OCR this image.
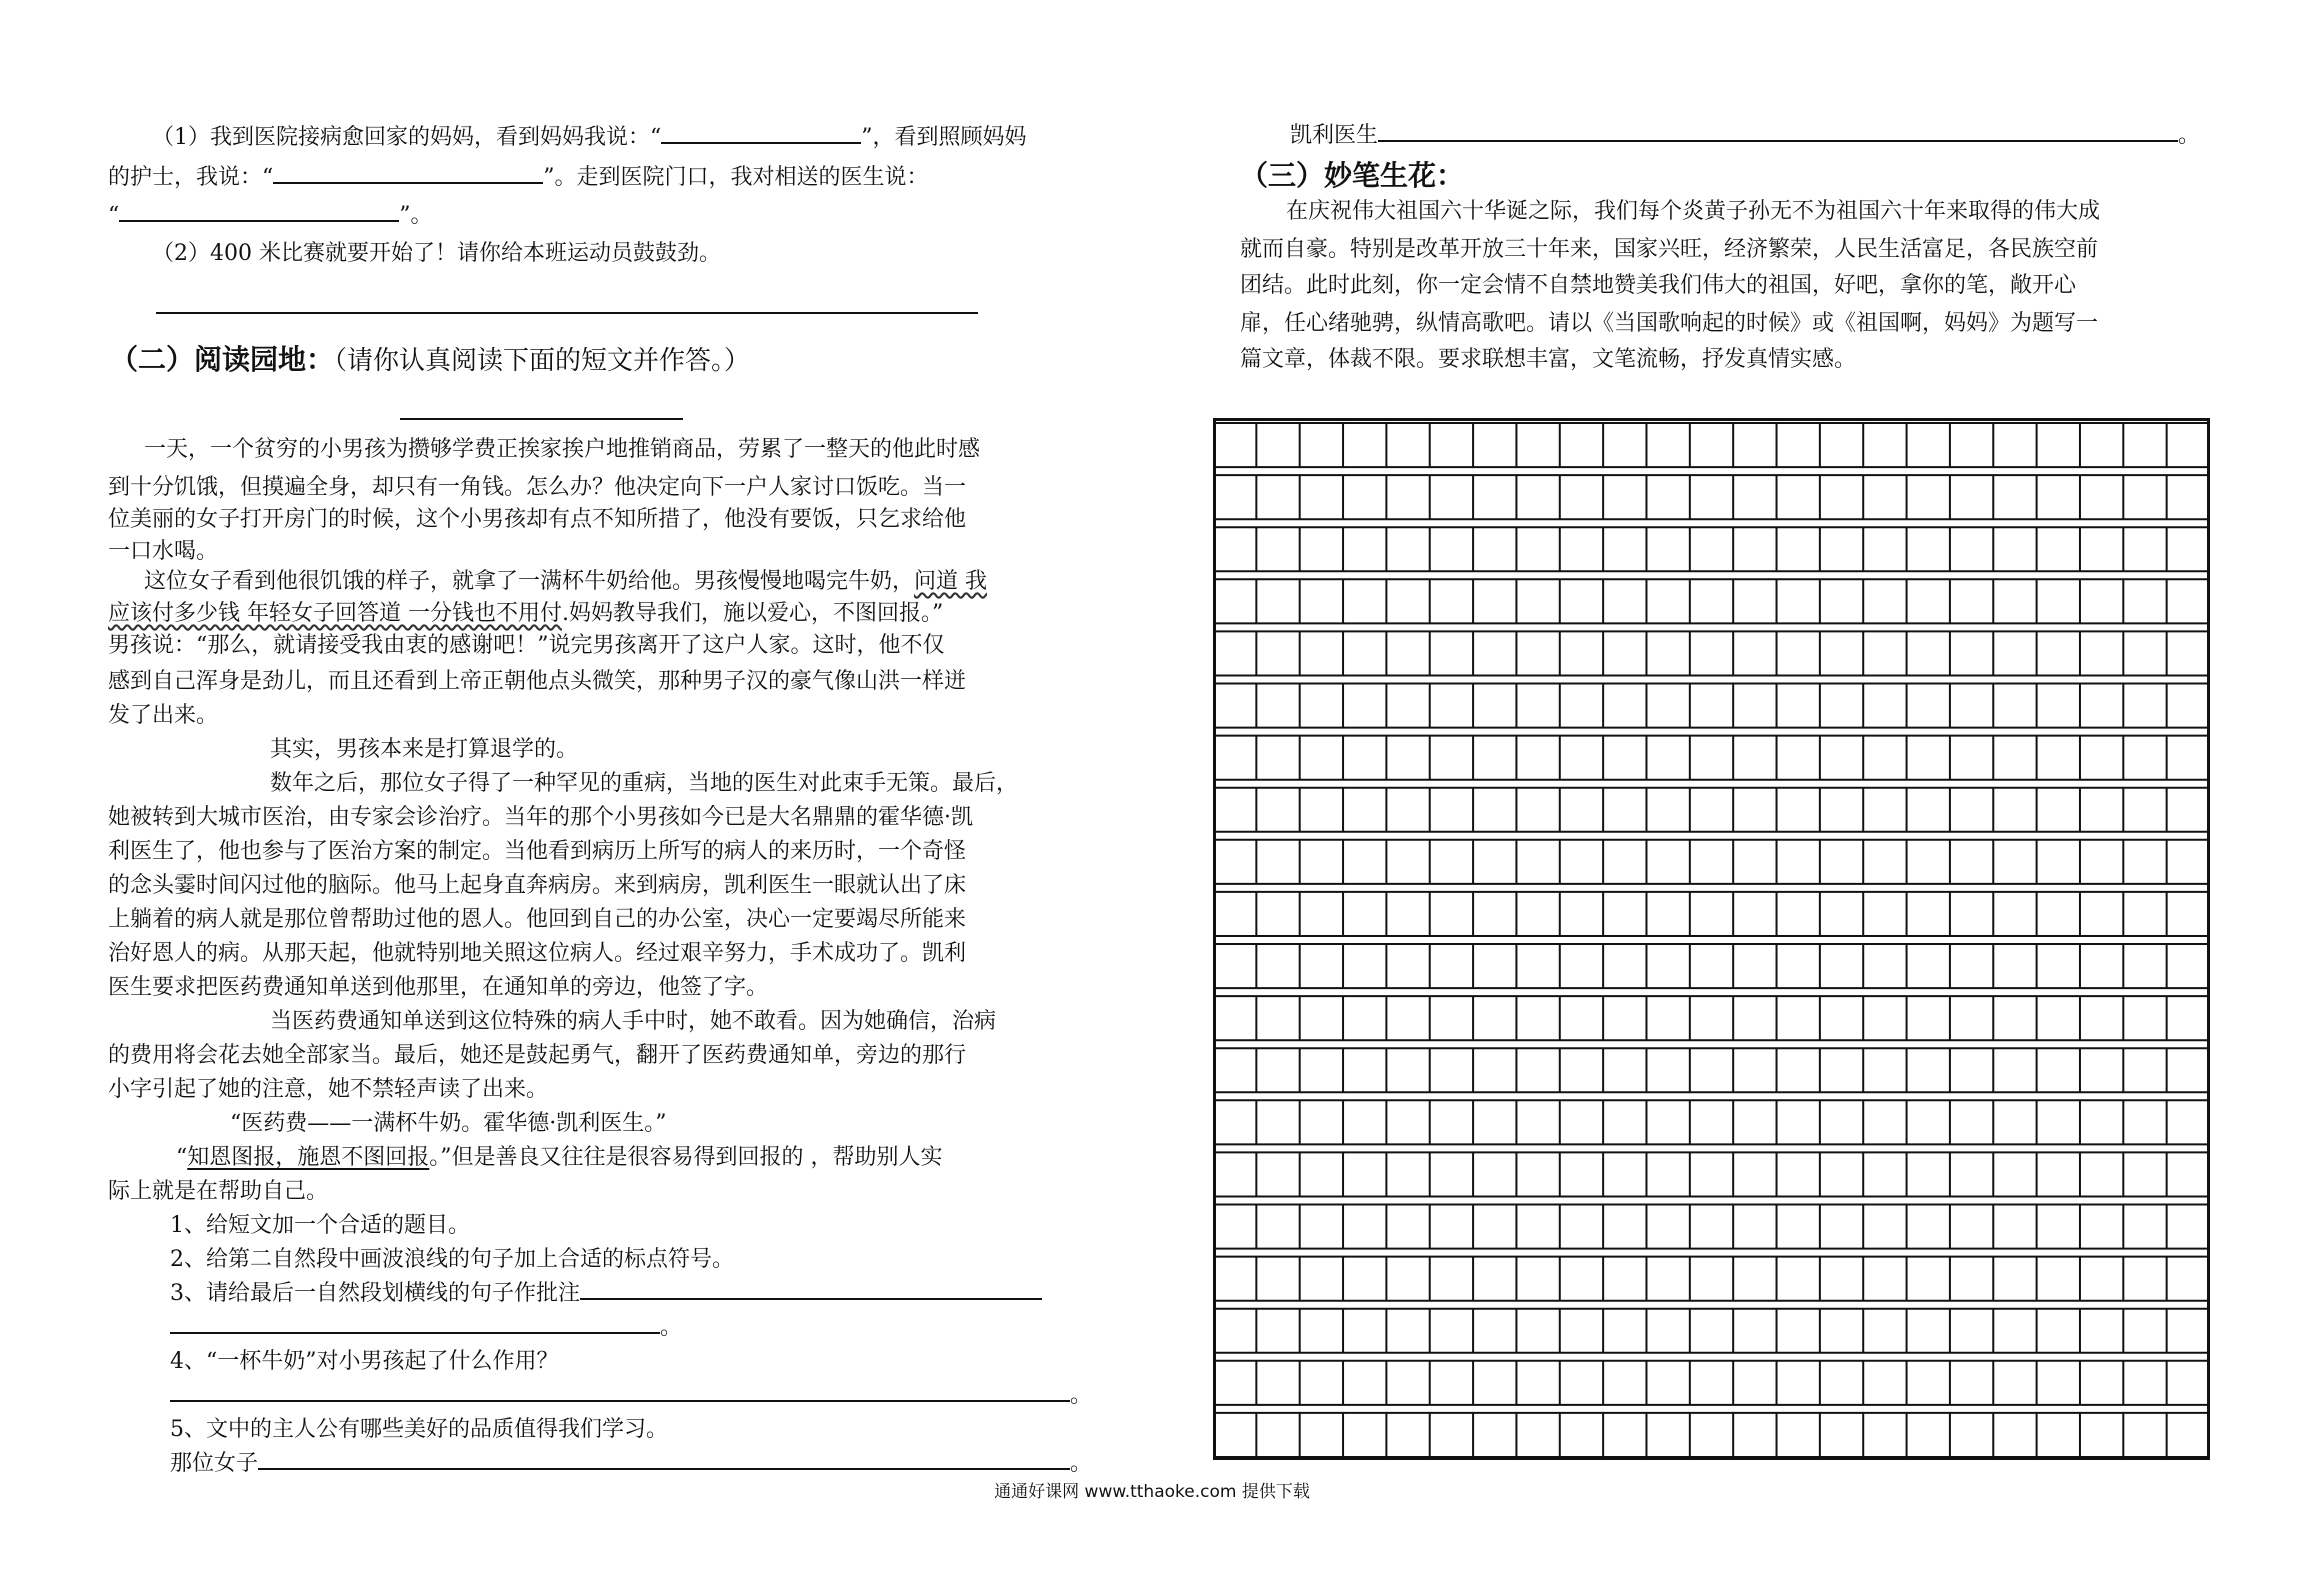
（1）我到医院接病愈回家的妈妈，看到妈妈我说：“	”，看到照顾妈妈
的护士，我说：“	”。走到医院门口，我对相送的医生说：
“	”。
（2）400 米比赛就要开始了！请你给本班运动员鼓鼓劲。
（二）阅读园地：（请你认真阅读下面的短文并作答。）
一天，一个贫穷的小男孩为攒够学费正挨家挨户地推销商品，劳累了一整天的他此时感
到十分饥饿，但摸遍全身，却只有一角钱。怎么办？他决定向下一户人家讨口饭吃。当一
位美丽的女子打开房门的时候，这个小男孩却有点不知所措了，他没有要饭，只乞求给他
一口水喝。
这位女子看到他很饥饿的样子，就拿了一满杯牛奶给他。男孩慢慢地喝完牛奶，问道 我
应该付多少钱 年轻女子回答道 一分钱也不用付.妈妈教导我们，施以爱心，不图回报。”
男孩说：“那么，就请接受我由衷的感谢吧！”说完男孩离开了这户人家。这时，他不仅
感到自己浑身是劲儿，而且还看到上帝正朝他点头微笑，那种男子汉的豪气像山洪一样迸
发了出来。
其实，男孩本来是打算退学的。
数年之后，那位女子得了一种罕见的重病，当地的医生对此束手无策。最后，
她被转到大城市医治，由专家会诊治疗。当年的那个小男孩如今已是大名鼎鼎的霍华德·凯
利医生了，他也参与了医治方案的制定。当他看到病历上所写的病人的来历时，一个奇怪
的念头霎时间闪过他的脑际。他马上起身直奔病房。来到病房，凯利医生一眼就认出了床
上躺着的病人就是那位曾帮助过他的恩人。他回到自己的办公室，决心一定要竭尽所能来
治好恩人的病。从那天起，他就特别地关照这位病人。经过艰辛努力，手术成功了。凯利
医生要求把医药费通知单送到他那里，在通知单的旁边，他签了字。
当医药费通知单送到这位特殊的病人手中时，她不敢看。因为她确信，治病
的费用将会花去她全部家当。最后，她还是鼓起勇气，翻开了医药费通知单，旁边的那行
小字引起了她的注意，她不禁轻声读了出来。
“医药费——一满杯牛奶。霍华德·凯利医生。”
“知恩图报，施恩不图回报。”但是善良又往往是很容易得到回报的 ，帮助别人实
际上就是在帮助自己。
1、给短文加一个合适的题目。
2、给第二自然段中画波浪线的句子加上合适的标点符号。
3、请给最后一自然段划横线的句子作批注
。
4、“一杯牛奶”对小男孩起了什么作用？
。
5、文中的主人公有哪些美好的品质值得我们学习。
那位女子	。
凯利医生	。
（三）妙笔生花：
在庆祝伟大祖国六十华诞之际，我们每个炎黄子孙无不为祖国六十年来取得的伟大成
就而自豪。特别是改革开放三十年来，国家兴旺，经济繁荣，人民生活富足，各民族空前
团结。此时此刻，你一定会情不自禁地赞美我们伟大的祖国，好吧，拿你的笔，敞开心
扉，任心绪驰骋，纵情高歌吧。请以《当国歌响起的时候》或《祖国啊，妈妈》为题写一
篇文章，体裁不限。要求联想丰富，文笔流畅，抒发真情实感。
通通好课网 www.tthaoke.com 提供下载
